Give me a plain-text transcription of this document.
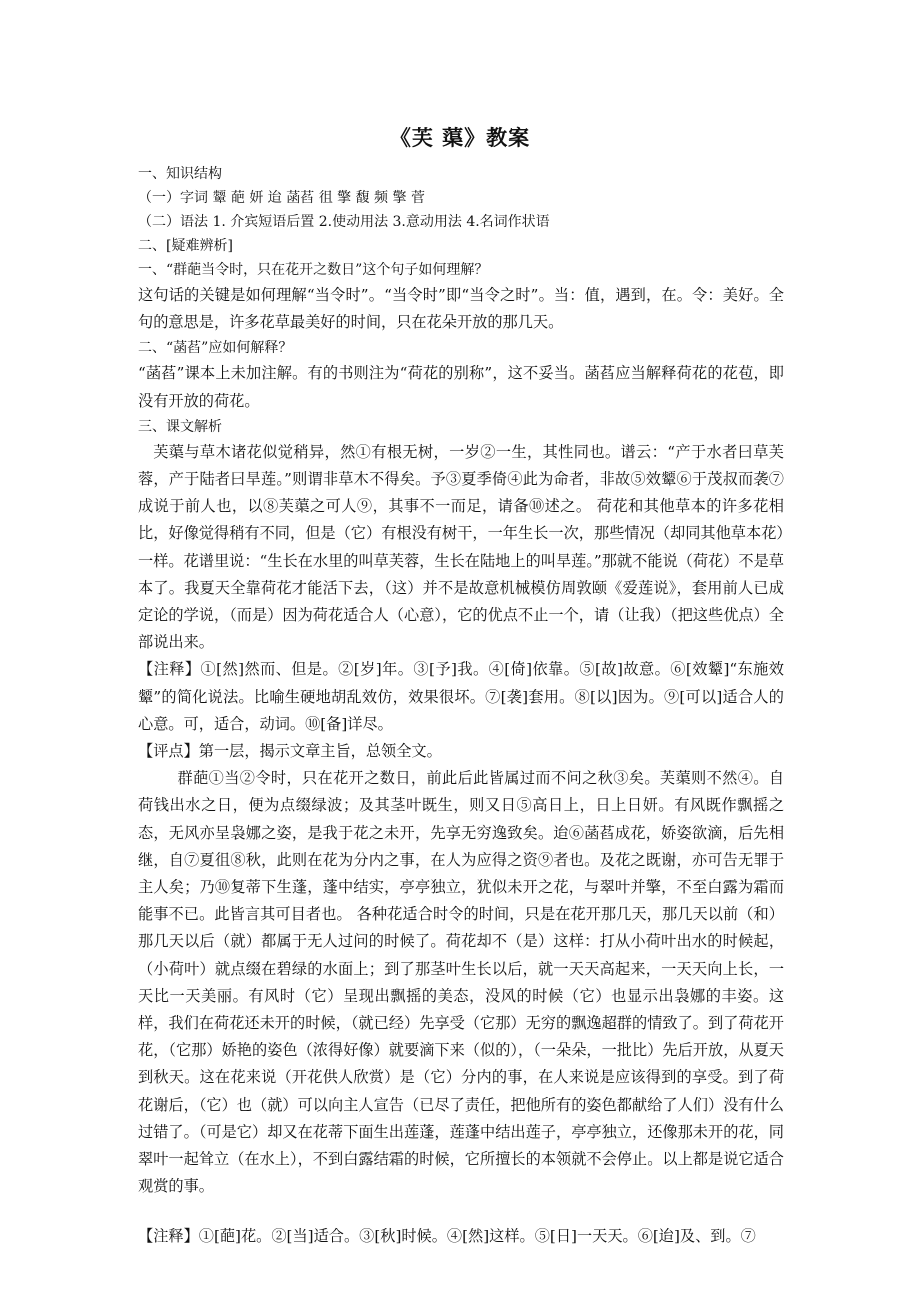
《芙 蕖》教案
一、知识结构
（一）字词 颦 葩 妍 迨 菡萏 徂 擎 馥 频 擎 菅
（二）语法 1. 介宾短语后置 2.使动用法 3.意动用法 4.名词作状语
二、[疑难辨析]
一、“群葩当令时，只在花开之数日”这个句子如何理解？

这句话的关键是如何理解“当令时”。“当令时”即“当令之时”。当：值，遇到，在。令：美好。全句的意思是，许多花草最美好的时间，只在花朵开放的那几天。

二、“菡萏”应如何解释？

“菡萏”课本上未加注解。有的书则注为“荷花的别称”，这不妥当。菡萏应当解释荷花的花苞，即没有开放的荷花。

三、课文解析

芙蕖与草木诸花似觉稍异，然①有根无树，一岁②一生，其性同也。谱云：“产于水者曰草芙蓉，产于陆者曰旱莲。”则谓非草木不得矣。予③夏季倚④此为命者，非故⑤效颦⑥于茂叔而袭⑦成说于前人也，以⑧芙蕖之可人⑨，其事不一而足，请备⑩述之。 荷花和其他草本的许多花相比，好像觉得稍有不同，但是（它）有根没有树干，一年生长一次，那些情况（却同其他草本花）一样。花谱里说：“生长在水里的叫草芙蓉，生长在陆地上的叫旱莲。”那就不能说（荷花）不是草本了。我夏天全靠荷花才能活下去，（这）并不是故意机械模仿周敦颐《爱莲说》，套用前人已成定论的学说，（而是）因为荷花适合人（心意），它的优点不止一个，请（让我）（把这些优点）全部说出来。

【注释】①[然]然而、但是。②[岁]年。③[予]我。④[倚]依靠。⑤[故]故意。⑥[效颦]“东施效颦”的简化说法。比喻生硬地胡乱效仿，效果很坏。⑦[袭]套用。⑧[以]因为。⑨[可以]适合人的心意。可，适合，动词。⑩[备]详尽。

【评点】第一层，揭示文章主旨，总领全文。

群葩①当②令时，只在花开之数日，前此后此皆属过而不问之秋③矣。芙蕖则不然④。自荷钱出水之日，便为点缀绿波；及其茎叶既生，则又日⑤高日上，日上日妍。有风既作飘摇之态，无风亦呈袅娜之姿，是我于花之未开，先享无穷逸致矣。迨⑥菡萏成花，娇姿欲滴，后先相继，自⑦夏徂⑧秋，此则在花为分内之事，在人为应得之资⑨者也。及花之既谢，亦可告无罪于主人矣；乃⑩复蒂下生蓬，蓬中结实，亭亭独立，犹似未开之花，与翠叶并擎，不至白露为霜而能事不已。此皆言其可目者也。 各种花适合时令的时间，只是在花开那几天，那几天以前（和）那几天以后（就）都属于无人过问的时候了。荷花却不（是）这样：打从小荷叶出水的时候起，（小荷叶）就点缀在碧绿的水面上；到了那茎叶生长以后，就一天天高起来，一天天向上长，一天比一天美丽。有风时（它）呈现出飘摇的美态，没风的时候（它）也显示出袅娜的丰姿。这样，我们在荷花还未开的时候，（就已经）先享受（它那）无穷的飘逸超群的情致了。到了荷花开花，（它那）娇艳的姿色（浓得好像）就要滴下来（似的），（一朵朵，一批比）先后开放，从夏天到秋天。这在花来说（开花供人欣赏）是（它）分内的事，在人来说是应该得到的享受。到了荷花谢后，（它）也（就）可以向主人宣告（已尽了责任，把他所有的姿色都献给了人们）没有什么过错了。（可是它）却又在花蒂下面生出莲蓬，莲蓬中结出莲子，亭亭独立，还像那未开的花，同翠叶一起耸立（在水上），不到白露结霜的时候，它所擅长的本领就不会停止。以上都是说它适合观赏的事。

【注释】①[葩]花。②[当]适合。③[秋]时候。④[然]这样。⑤[日]一天天。⑥[迨]及、到。⑦
